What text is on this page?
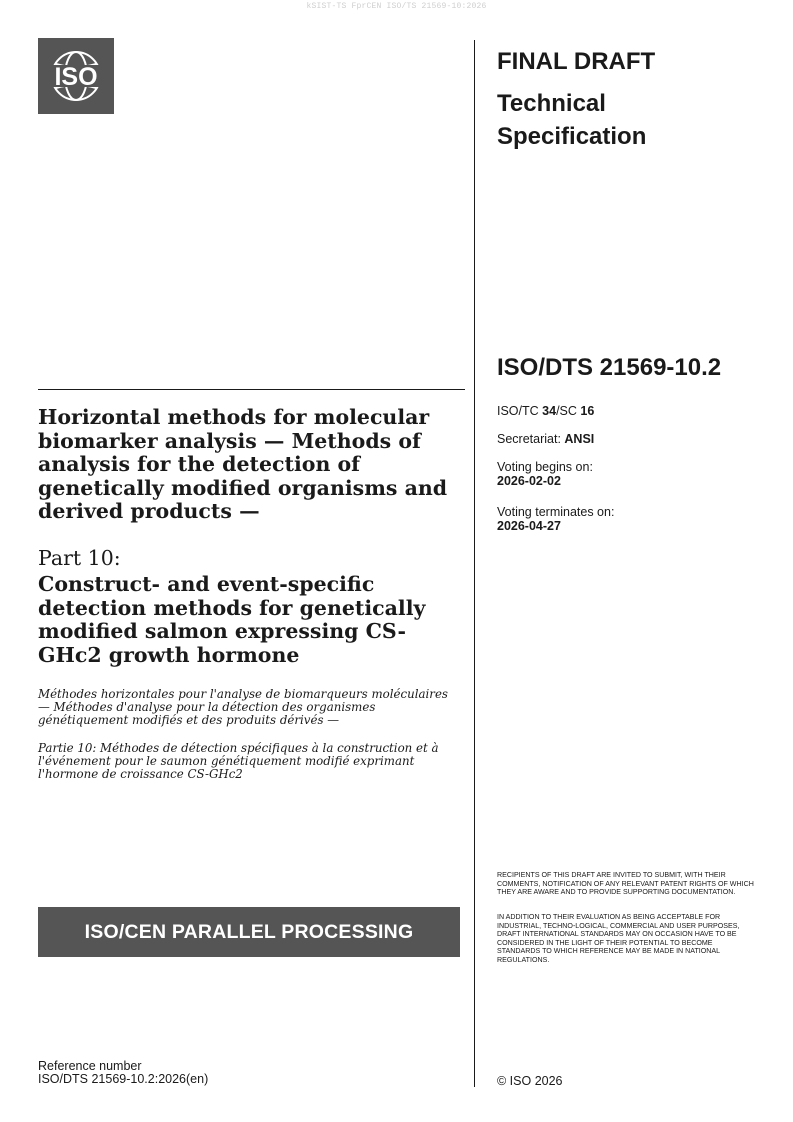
kSIST-TS FprCEN ISO/TS 21569-10:2026
ISO
FINAL DRAFT
Technical Specification
ISO/DTS 21569-10.2
ISO/TC 34/SC 16
Secretariat: ANSI
Voting begins on:
2026-02-02
Voting terminates on:
2026-04-27
Horizontal methods for molecular biomarker analysis — Methods of analysis for the detection of genetically modified organisms and derived products —
Part 10:
Construct- and event-specific detection methods for genetically modified salmon expressing CS-GHc2 growth hormone
Méthodes horizontales pour l'analyse de biomarqueurs moléculaires — Méthodes d'analyse pour la détection des organismes génétiquement modifiés et des produits dérivés —
Partie 10: Méthodes de détection spécifiques à la construction et à l'événement pour le saumon génétiquement modifié exprimant l'hormone de croissance CS-GHc2
ISO/CEN PARALLEL PROCESSING
RECIPIENTS OF THIS DRAFT ARE INVITED TO SUBMIT, WITH THEIR COMMENTS, NOTIFICATION OF ANY RELEVANT PATENT RIGHTS OF WHICH THEY ARE AWARE AND TO PROVIDE SUPPORTING DOCUMENTATION.
IN ADDITION TO THEIR EVALUATION AS BEING ACCEPTABLE FOR INDUSTRIAL, TECHNO-LOGICAL, COMMERCIAL AND USER PURPOSES, DRAFT INTERNATIONAL STANDARDS MAY ON OCCASION HAVE TO BE CONSIDERED IN THE LIGHT OF THEIR POTENTIAL TO BECOME STANDARDS TO WHICH REFERENCE MAY BE MADE IN NATIONAL REGULATIONS.
Reference number
ISO/DTS 21569-10.2:2026(en)	© ISO 2026
